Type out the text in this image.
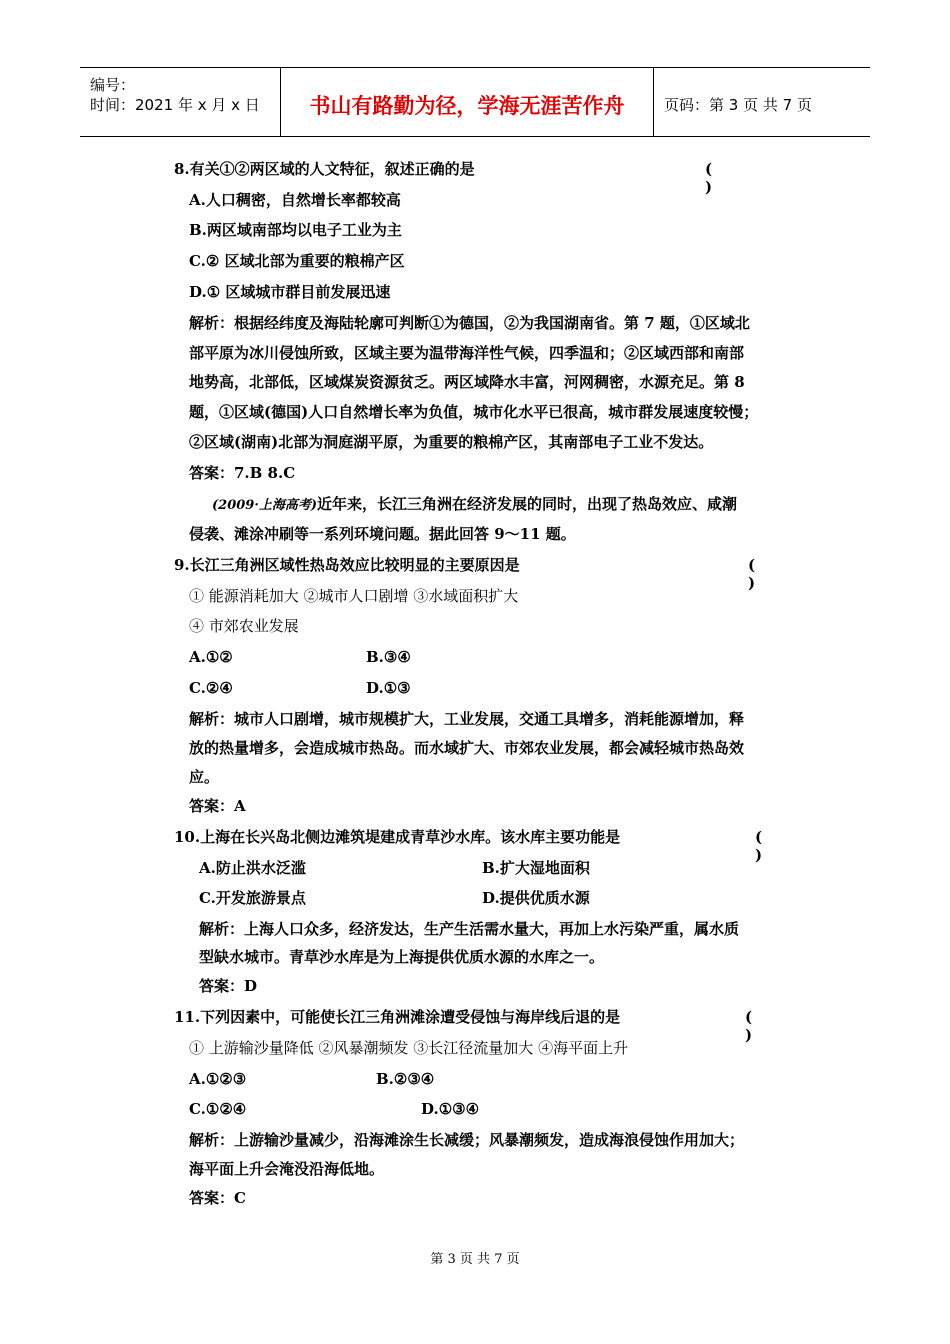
编号：
时间：2021 年 x 月 x 日	书山有路勤为径，学海无涯苦作舟	页码：第 3 页 共 7 页
8.有关①②两区域的人文特征，叙述正确的是	( )
A.人口稠密，自然增长率都较高
B.两区域南部均以电子工业为主
C.② 区域北部为重要的粮棉产区
D.① 区域城市群目前发展迅速
解析：根据经纬度及海陆轮廓可判断①为德国，②为我国湖南省。第 7 题，①区域北
部平原为冰川侵蚀所致，区域主要为温带海洋性气候，四季温和；②区域西部和南部
地势高，北部低，区域煤炭资源贫乏。两区域降水丰富，河网稠密，水源充足。第 8
题，①区域(德国)人口自然增长率为负值，城市化水平已很高，城市群发展速度较慢；
②区域(湖南)北部为洞庭湖平原，为重要的粮棉产区，其南部电子工业不发达。
答案：7.B 8.C
(2009·上海高考)近年来，长江三角洲在经济发展的同时，出现了热岛效应、咸潮
侵袭、滩涂冲刷等一系列环境问题。据此回答 9～11 题。
9.长江三角洲区域性热岛效应比较明显的主要原因是	( )
① 能源消耗加大 ②城市人口剧增 ③水域面积扩大
④ 市郊农业发展
A.①②	B.③④
C.②④	D.①③
解析：城市人口剧增，城市规模扩大，工业发展，交通工具增多，消耗能源增加，释
放的热量增多，会造成城市热岛。而水域扩大、市郊农业发展，都会减轻城市热岛效
应。
答案：A
10.上海在长兴岛北侧边滩筑堤建成青草沙水库。该水库主要功能是	( )
A.防止洪水泛滥	B.扩大湿地面积
C.开发旅游景点	D.提供优质水源
解析：上海人口众多，经济发达，生产生活需水量大，再加上水污染严重，属水质
型缺水城市。青草沙水库是为上海提供优质水源的水库之一。
答案：D
11.下列因素中，可能使长江三角洲滩涂遭受侵蚀与海岸线后退的是	( )
① 上游输沙量降低 ②风暴潮频发 ③长江径流量加大 ④海平面上升
A.①②③	B.②③④
C.①②④	D.①③④
解析：上游输沙量减少，沿海滩涂生长减缓；风暴潮频发，造成海浪侵蚀作用加大；
海平面上升会淹没沿海低地。
答案：C
第 3 页 共 7 页
